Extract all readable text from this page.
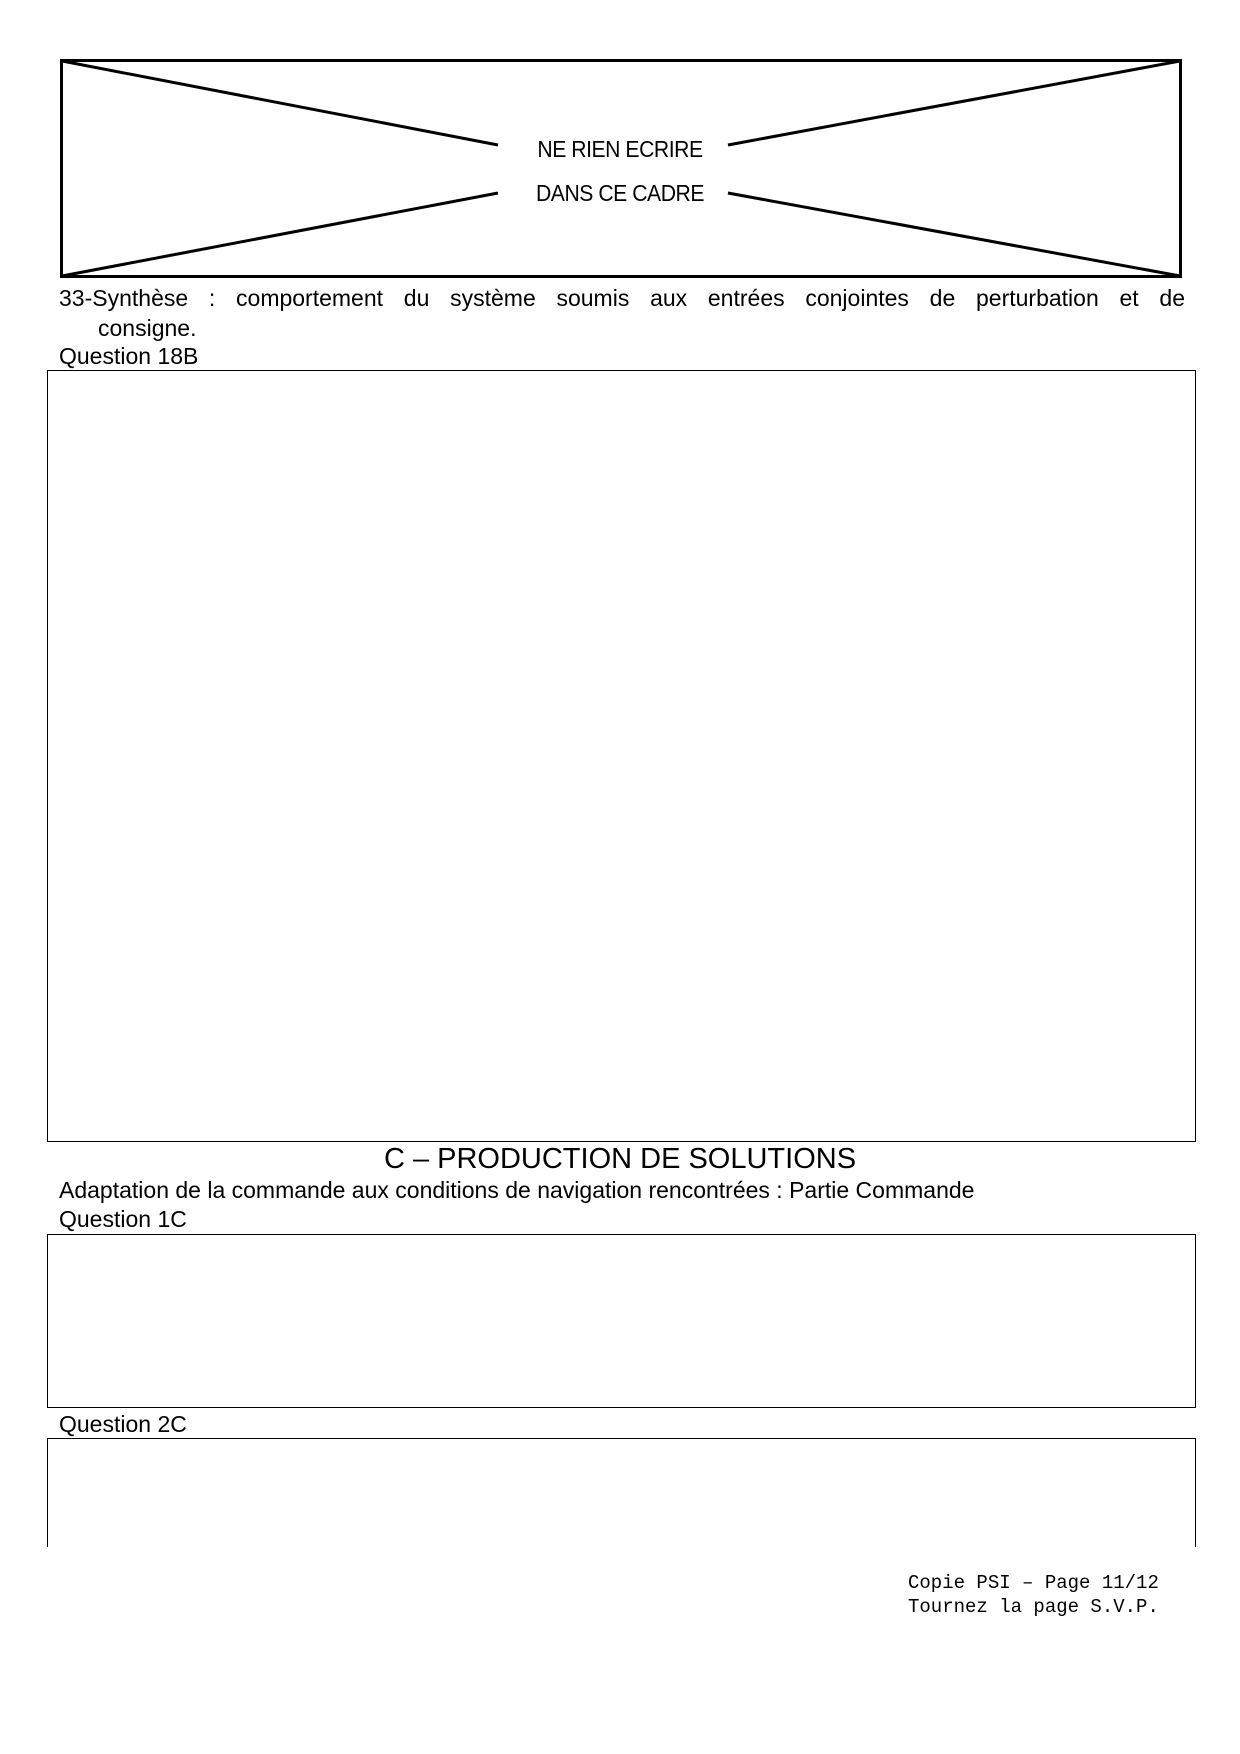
NE RIEN ECRIRE
DANS CE CADRE
33-Synthèse : comportement du système soumis aux entrées conjointes de perturbation et de
consigne.
Question 18B
C – PRODUCTION DE SOLUTIONS
Adaptation de la commande aux conditions de navigation rencontrées : Partie Commande
Question 1C
Question 2C
Copie PSI – Page 11/12
Tournez la page S.V.P.
